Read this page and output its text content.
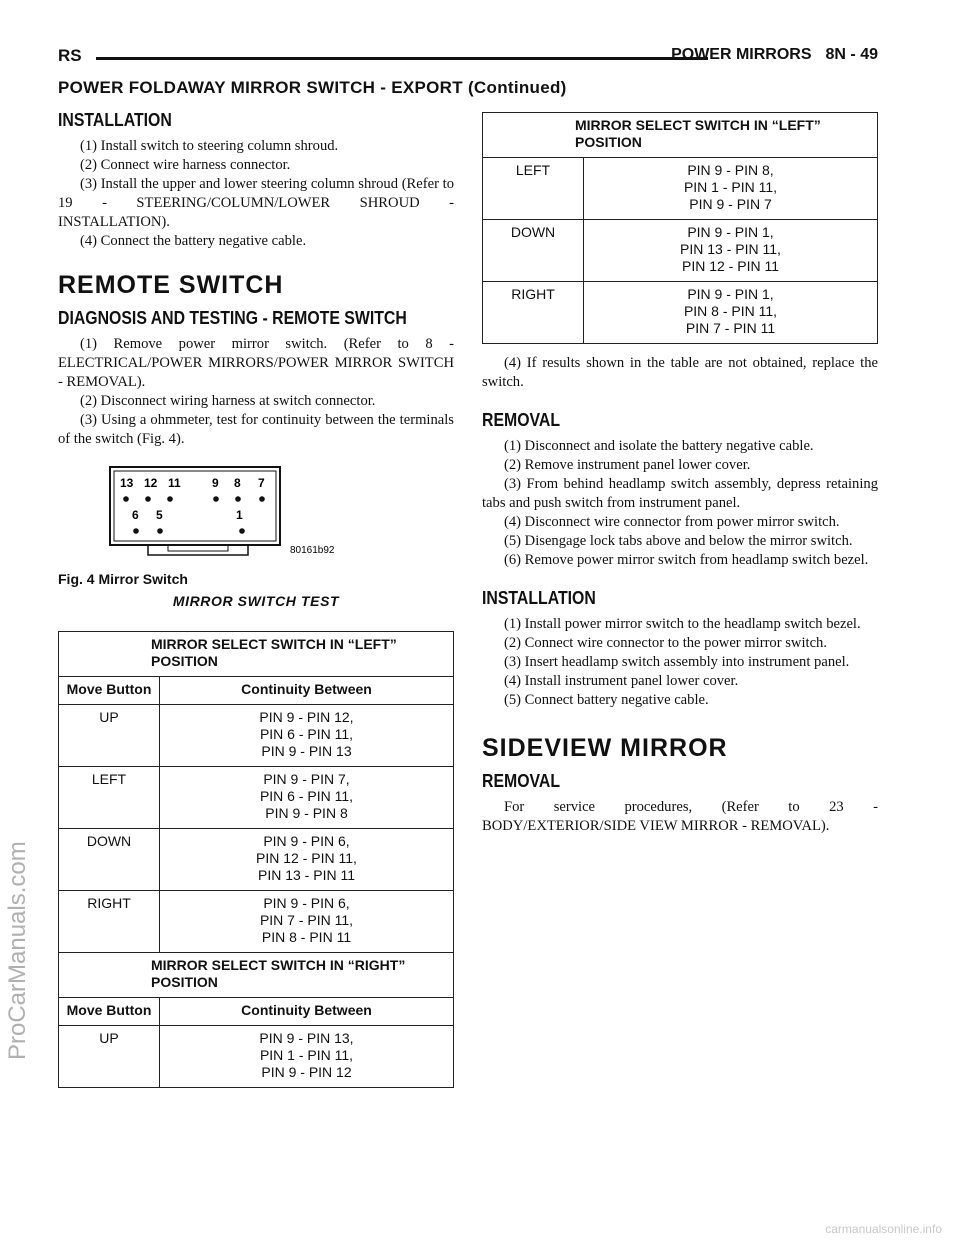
RS	POWER MIRRORS 8N - 49
POWER FOLDAWAY MIRROR SWITCH - EXPORT (Continued)
INSTALLATION

(1) Install switch to steering column shroud.

(2) Connect wire harness connector.

(3) Install the upper and lower steering column shroud (Refer to 19 - STEERING/COLUMN/LOWER SHROUD - INSTALLATION).

(4) Connect the battery negative cable.

REMOTE SWITCH
DIAGNOSIS AND TESTING - REMOTE SWITCH

(1) Remove power mirror switch. (Refer to 8 - ELECTRICAL/POWER MIRRORS/POWER MIRROR SWITCH - REMOVAL).

(2) Disconnect wiring harness at switch connector.

(3) Using a ohmmeter, test for continuity between the terminals of the switch (Fig. 4).

13 12 11	9 8 7
6 5	1
80161b92
Fig. 4 Mirror Switch
MIRROR SWITCH TEST
MIRROR SELECT SWITCH IN “LEFT” POSITION	
Move Button	Continuity Between
UP	PIN 9 - PIN 12,
PIN 6 - PIN 11,
PIN 9 - PIN 13

LEFT	PIN 9 - PIN 7,
PIN 6 - PIN 11,
PIN 9 - PIN 8

DOWN	PIN 9 - PIN 6,
PIN 12 - PIN 11,
PIN 13 - PIN 11

RIGHT	PIN 9 - PIN 6,
PIN 7 - PIN 11,
PIN 8 - PIN 11

MIRROR SELECT SWITCH IN “RIGHT” POSITION	
Move Button	Continuity Between
UP	PIN 9 - PIN 13,
PIN 1 - PIN 11,
PIN 9 - PIN 12
MIRROR SELECT SWITCH IN “LEFT” POSITION	
LEFT	PIN 9 - PIN 8,
PIN 1 - PIN 11,
PIN 9 - PIN 7

DOWN	PIN 9 - PIN 1,
PIN 13 - PIN 11,
PIN 12 - PIN 11

RIGHT	PIN 9 - PIN 1,
PIN 8 - PIN 11,
PIN 7 - PIN 11

(4) If results shown in the table are not obtained, replace the switch.

REMOVAL

(1) Disconnect and isolate the battery negative cable.

(2) Remove instrument panel lower cover.

(3) From behind headlamp switch assembly, depress retaining tabs and push switch from instrument panel.

(4) Disconnect wire connector from power mirror switch.

(5) Disengage lock tabs above and below the mirror switch.

(6) Remove power mirror switch from headlamp switch bezel.

INSTALLATION

(1) Install power mirror switch to the headlamp switch bezel.

(2) Connect wire connector to the power mirror switch.

(3) Insert headlamp switch assembly into instrument panel.

(4) Install instrument panel lower cover.

(5) Connect battery negative cable.

SIDEVIEW MIRROR
REMOVAL

For service procedures, (Refer to 23 - BODY/EXTERIOR/SIDE VIEW MIRROR - REMOVAL).

ProCarManuals.com
carmanualsonline.info
